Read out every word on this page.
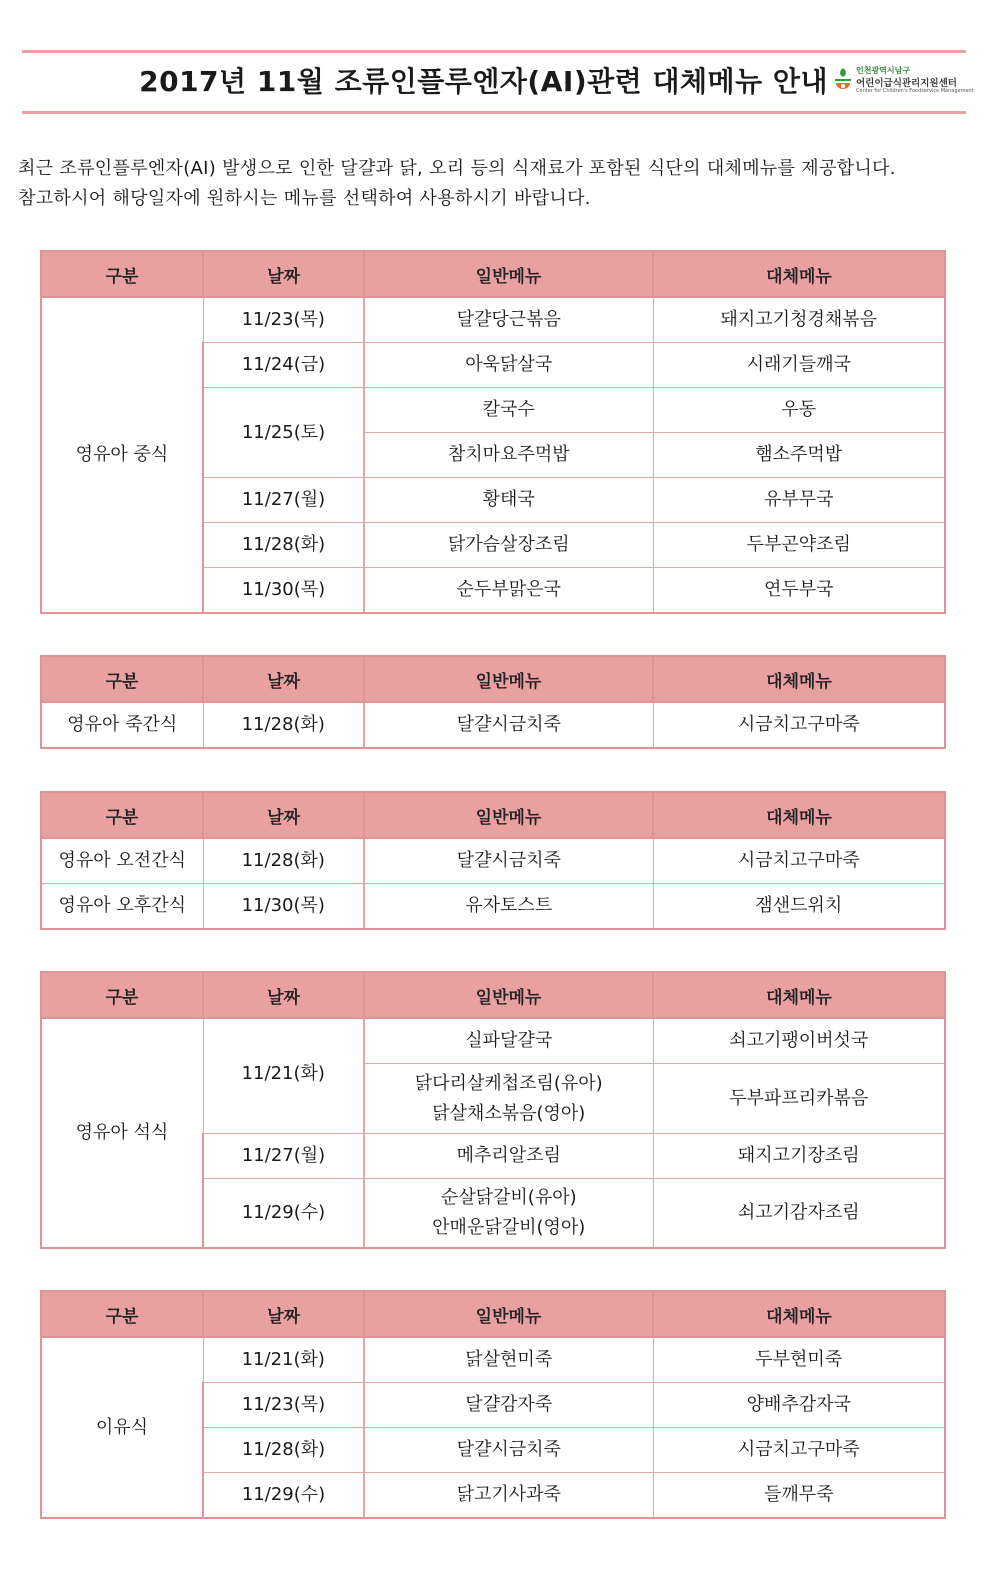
2017년 11월 조류인플루엔자(AI)관련 대체메뉴 안내	인천광역시남구
어린이급식관리지원센터
Center for Children's Foodservice Management
최근 조류인플루엔자(AI) 발생으로 인한 달걀과 닭, 오리 등의 식재료가 포함된 식단의 대체메뉴를 제공합니다.
참고하시어 해당일자에 원하시는 메뉴를 선택하여 사용하시기 바랍니다.
구분	날짜	일반메뉴	대체메뉴
영유아 중식	11/23(목)	달걀당근볶음	돼지고기청경채볶음
	11/24(금)	아욱닭살국	시래기들깨국
	11/25(토)	칼국수	우동
		참치마요주먹밥	햄소주먹밥
	11/27(월)	황태국	유부무국
	11/28(화)	닭가슴살장조림	두부곤약조림
	11/30(목)	순두부맑은국	연두부국
구분	날짜	일반메뉴	대체메뉴
영유아 죽간식	11/28(화)	달걀시금치죽	시금치고구마죽
구분	날짜	일반메뉴	대체메뉴
영유아 오전간식	11/28(화)	달걀시금치죽	시금치고구마죽
영유아 오후간식	11/30(목)	유자토스트	잼샌드위치
구분	날짜	일반메뉴	대체메뉴
영유아 석식	11/21(화)	실파달걀국	쇠고기팽이버섯국

		닭다리살케첩조림(유아)
닭살채소볶음(영아)	두부파프리카볶음
	11/27(월)	메추리알조림	돼지고기장조림
	11/29(수)	순살닭갈비(유아)
안매운닭갈비(영아)	쇠고기감자조림
구분	날짜	일반메뉴	대체메뉴
이유식	11/21(화)	닭살현미죽	두부현미죽
	11/23(목)	달걀감자죽	양배추감자국
	11/28(화)	달걀시금치죽	시금치고구마죽
	11/29(수)	닭고기사과죽	들깨무죽
